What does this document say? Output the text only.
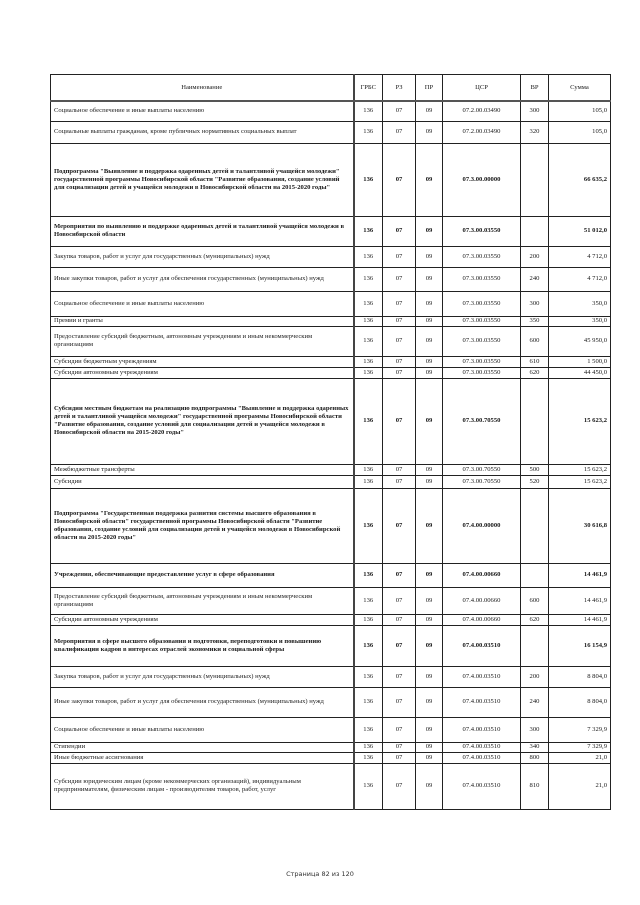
Наименование	ГРБС	РЗ	ПР	ЦСР	ВР	Сумма
Социальное обеспечение и иные выплаты населению	136	07	09	07.2.00.03490	300	105,0
Социальные выплаты гражданам, кроме публичных нормативных социальных выплат	136	07	09	07.2.00.03490	320	105,0
Подпрограмма "Выявление и поддержка одаренных детей и талантливой учащейся молодежи" государственной программы Новосибирской области "Развитие образования, создание условий для социализации детей и учащейся молодежи в Новосибирской области на 2015-2020 годы"	136	07	09	07.3.00.00000		66 635,2
Мероприятия по выявлению и поддержке одаренных детей и талантливой учащейся молодежи в Новосибирской области	136	07	09	07.3.00.03550		51 012,0
Закупка товаров, работ и услуг для государственных (муниципальных) нужд	136	07	09	07.3.00.03550	200	4 712,0
Иные закупки товаров, работ и услуг для обеспечения государственных (муниципальных) нужд	136	07	09	07.3.00.03550	240	4 712,0
Социальное обеспечение и иные выплаты населению	136	07	09	07.3.00.03550	300	350,0
Премии и гранты	136	07	09	07.3.00.03550	350	350,0
Предоставление субсидий бюджетным, автономным учреждениям и иным некоммерческим организациям	136	07	09	07.3.00.03550	600	45 950,0
Субсидии бюджетным учреждениям	136	07	09	07.3.00.03550	610	1 500,0
Субсидии автономным учреждениям	136	07	09	07.3.00.03550	620	44 450,0
Субсидии местным бюджетам на реализацию подпрограммы "Выявление и поддержка одаренных детей и талантливой учащейся молодежи" государственной программы Новосибирской области "Развитие образования, создание условий для социализации детей и учащейся молодежи в Новосибирской области на 2015-2020 годы"	136	07	09	07.3.00.70550		15 623,2
Межбюджетные трансферты	136	07	09	07.3.00.70550	500	15 623,2
Субсидии	136	07	09	07.3.00.70550	520	15 623,2
Подпрограмма "Государственная поддержка развития системы высшего образования в Новосибирской области" государственной программы Новосибирской области "Развитие образования, создание условий для социализации детей и учащейся молодежи в Новосибирской области на 2015-2020 годы"	136	07	09	07.4.00.00000		30 616,8
Учреждения, обеспечивающие предоставление услуг в сфере образования	136	07	09	07.4.00.00660		14 461,9
Предоставление субсидий бюджетным, автономным учреждениям и иным некоммерческим организациям	136	07	09	07.4.00.00660	600	14 461,9
Субсидии автономным учреждениям	136	07	09	07.4.00.00660	620	14 461,9
Мероприятия в сфере высшего образования и подготовки, переподготовки и повышению квалификации кадров в интересах отраслей экономики и социальной сферы	136	07	09	07.4.00.03510		16 154,9
Закупка товаров, работ и услуг для государственных (муниципальных) нужд	136	07	09	07.4.00.03510	200	8 804,0
Иные закупки товаров, работ и услуг для обеспечения государственных (муниципальных) нужд	136	07	09	07.4.00.03510	240	8 804,0
Социальное обеспечение и иные выплаты населению	136	07	09	07.4.00.03510	300	7 329,9
Стипендии	136	07	09	07.4.00.03510	340	7 329,9
Иные бюджетные ассигнования	136	07	09	07.4.00.03510	800	21,0
Субсидии юридическим лицам (кроме некоммерческих организаций), индивидуальным предпринимателям, физическим лицам - производителям товаров, работ, услуг	136	07	09	07.4.00.03510	810	21,0
Страница 82 из 120
